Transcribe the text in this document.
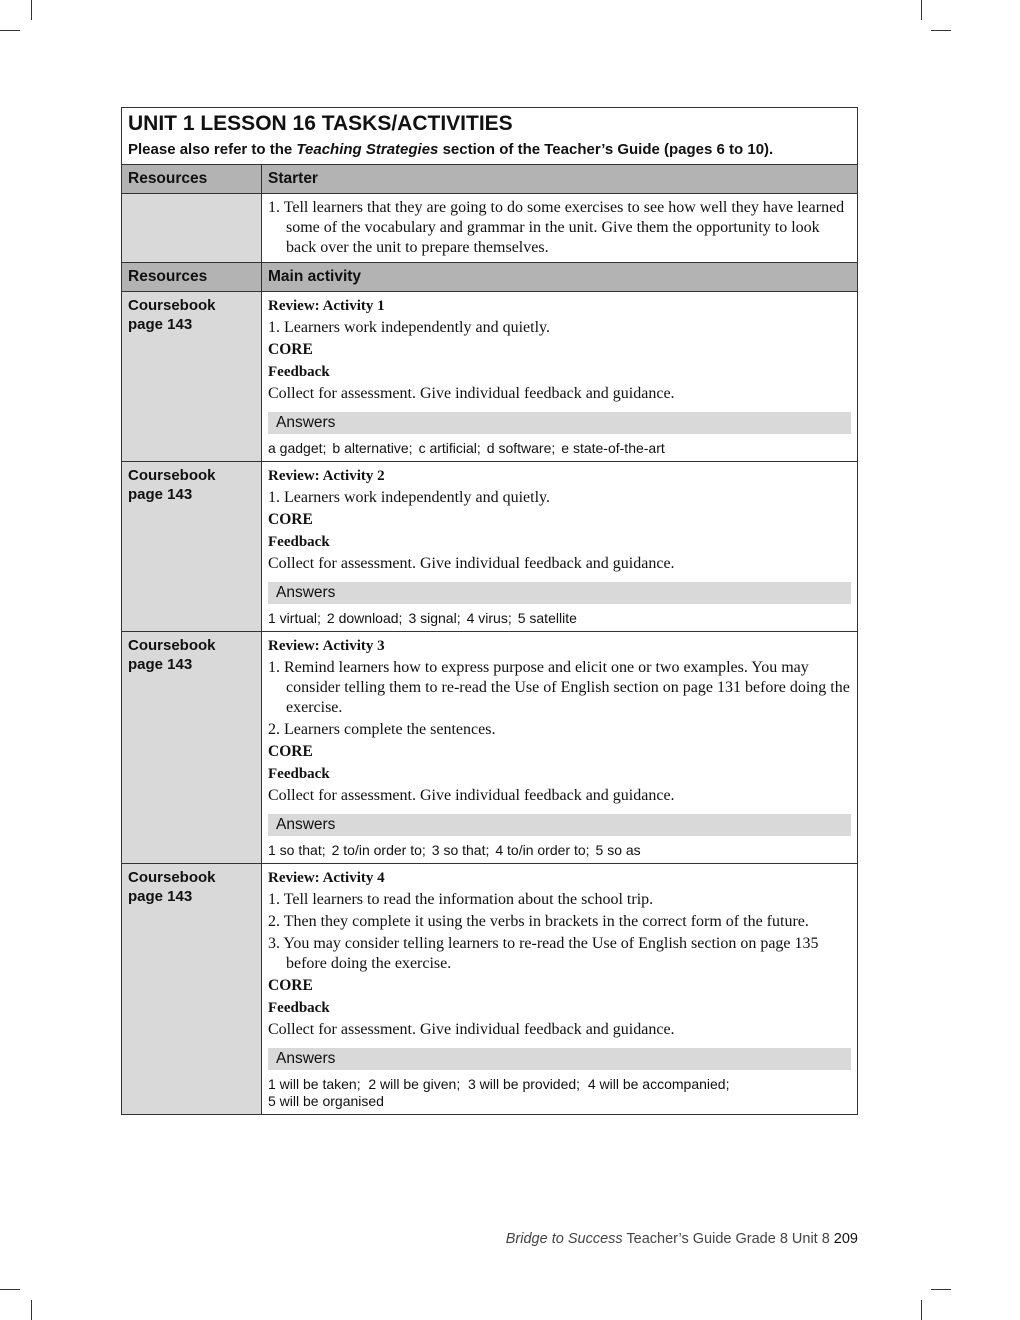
UNIT 1 LESSON 16 TASKS/ACTIVITIES
Please also refer to the Teaching Strategies section of the Teacher’s Guide (pages 6 to 10).
Resources	Starter

1. Tell learners that they are going to do some exercises to see how well they have learned some of the vocabulary and grammar in the unit. Give them the opportunity to look back over the unit to prepare themselves.

Resources	Main activity
Coursebook
page 143

Review: Activity 1

1. Learners work independently and quietly.

CORE

Feedback

Collect for assessment. Give individual feedback and guidance.

Answers

a gadget; b alternative; c artificial; d software; e state-of-the-art

Coursebook
page 143

Review: Activity 2

1. Learners work independently and quietly.

CORE

Feedback

Collect for assessment. Give individual feedback and guidance.

Answers

1 virtual; 2 download; 3 signal; 4 virus; 5 satellite

Coursebook
page 143

Review: Activity 3

1. Remind learners how to express purpose and elicit one or two examples. You may consider telling them to re-read the Use of English section on page 131 before doing the exercise.

2. Learners complete the sentences.

CORE

Feedback

Collect for assessment. Give individual feedback and guidance.

Answers

1 so that; 2 to/in order to; 3 so that; 4 to/in order to; 5 so as

Coursebook
page 143

Review: Activity 4

1. Tell learners to read the information about the school trip.

2. Then they complete it using the verbs in brackets in the correct form of the future.

3. You may consider telling learners to re-read the Use of English section on page 135 before doing the exercise.

CORE

Feedback

Collect for assessment. Give individual feedback and guidance.

Answers

1 will be taken;  2 will be given;  3 will be provided;  4 will be accompanied;

5 will be organised

Bridge to Success Teacher’s Guide Grade 8 Unit 8 209
